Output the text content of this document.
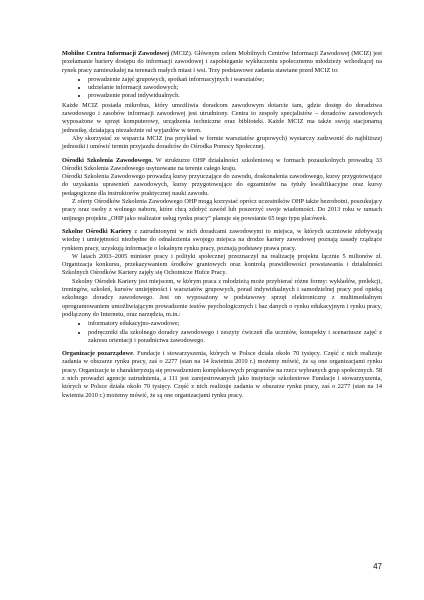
Mobilne Centra Informacji Zawodowej (MCIZ). Głównym celem Mobilnych Centrów Informacji Zawodowej (MCIZ) jest przełamanie bariery dostępu do informacji zawodowej i zapobieganie wykluczeniu społecznemu młodzieży wchodzącej na rynek pracy zamieszkałej na terenach małych miast i wsi. Trzy podstawowe zadania stawiane przed MCIZ to:

• prowadzenie zajęć grupowych, spotkań informacyjnych i warsztatów;
• udzielanie informacji zawodowych;
• prowadzenie porad indywidualnych.

Każde MCIZ posiada mikrobus, który umożliwia doradcom zawodowym dotarcie tam, gdzie dostęp do doradztwa zawodowego i zasobów informacji zawodowej jest utrudniony. Centra to zespoły specjalistów – doradców zawodowych wyposażone w sprzęt komputerowy, urządzenia techniczne oraz biblioteki. Każde MCIZ ma także swoją stacjonarną jednostkę, działającą niezależnie od wyjazdów w teren.

Aby skorzystać ze wsparcia MCIZ (na przykład w formie warsztatów grupowych) wystarczy zadzwonić do najbliższej jednostki i umówić termin przyjazdu doradców do Ośrodka Pomocy Społecznej.

Ośrodki Szkolenia Zawodowego. W strukturze OHP działalności szkoleniową w formach pozaszkolnych prowadzą 33 Ośrodki Szkolenia Zawodowego usytuowane na terenie całego kraju.

Ośrodki Szkolenia Zawodowego prowadzą kursy przyuczające do zawodu, doskonalenia zawodowego, kursy przygotowujące do uzyskania uprawnień zawodowych, kursy przygotowujące do egzaminów na tytuły kwalifikacyjne oraz kursy pedagogiczne dla instruktorów praktycznej nauki zawodu.

Z oferty Ośrodków Szkolenia Zawodowego OHP mogą korzystać oprócz uczestników OHP także bezrobotni, poszukujący pracy oraz osoby z wolnego naboru, które chcą zdobyć zawód lub poszerzyć swoje wiadomości. Do 2013 roku w ramach unijnego projektu „OHP jako realizator usług rynku pracy” planuje się powstanie 65 tego typu placówek.

Szkolne Ośrodki Kariery z zatrudnionymi w nich doradcami zawodowymi to miejsca, w których uczniowie zdobywają wiedzę i umiejętności niezbędne do odnalezienia swojego miejsca na drodze kariery zawodowej poznają zasady rządzące rynkiem pracy, uzyskują informacje o lokalnym rynku pracy, poznają podstawy prawa pracy.

W latach 2003–2005 minister pracy i polityki społecznej przeznaczył na realizację projektu łącznie 5 milionów zł. Organizacja konkursu, przekazywaniem środków grantowych oraz kontrolą prawidłowości powstawania i działalności Szkolnych Ośrodków Kariery zajęły się Ochotnicze Hufce Pracy.

Szkolny Ośrodek Kariery jest miejscem, w którym praca z młodzieżą może przybierać różne formy: wykładów, prelekcji, treningów, szkoleń, kursów umiejętności i warsztatów grupowych, porad indywidualnych i samodzielnej pracy pod opieką szkolnego doradcy zawodowego. Jest on wyposażony w podstawowy sprzęt elektroniczny z multimedialnym oprogramowaniem umożliwiającym prowadzenie testów psychologicznych i baz danych o rynku edukacyjnym i rynku pracy, podłączony do Internetu, oraz narzędzia, m.in.:

• informatory edukacyjno-zawodowe;
• podręczniki dla szkolnego doradcy zawodowego i zeszyty ćwiczeń dla uczniów, konspekty i scenariusze zajęć z zakresu orientacji i poradnictwa zawodowego.

Organizacje pozarządowe. Fundacje i stowarzyszenia, których w Polsce działa około 70 tysięcy. Część z nich realizuje zadania w obszarze rynku pracy, zaś o 2277 (stan na 14 kwietnia 2010 r.) możemy mówić, że są one organizacjami rynku pracy. Organizacje te charakteryzują się prowadzeniem kompleksowych programów na rzecz wybranych grup społecznych. 58 z nich prowadzi agencje zatrudnienia, a 111 jest zarejestrowanych jako instytucje szkoleniowe Fundacje i stowarzyszenia, których w Polsce działa około 70 tysięcy. Część z nich realizuje zadania w obszarze rynku pracy, zaś o 2277 (stan na 14 kwietnia 2010 r.) możemy mówić, że są one organizacjami rynku pracy.

47
